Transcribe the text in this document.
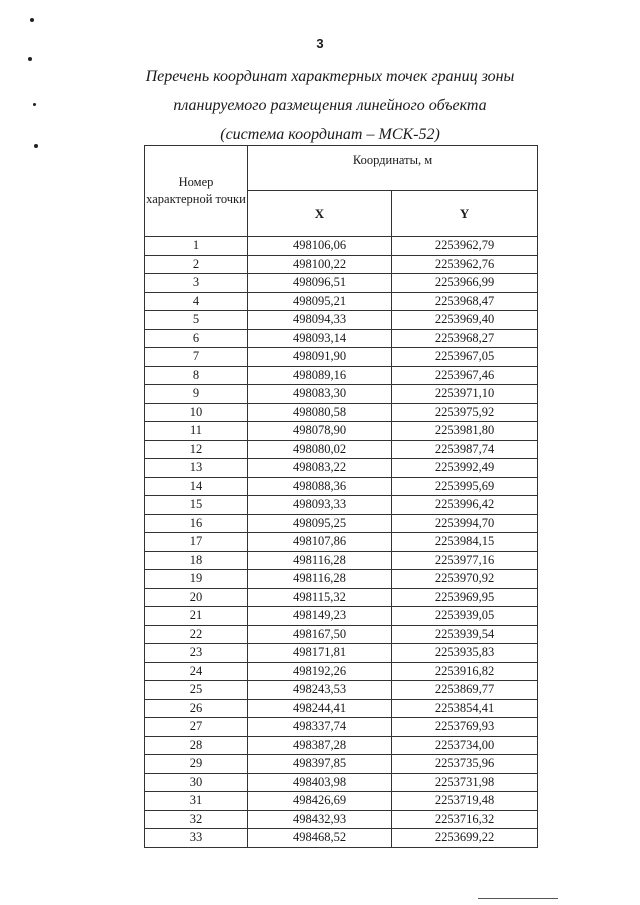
3
Перечень координат характерных точек границ зоны
планируемого размещения линейного объекта
(система координат – МСК-52)
Номер характерной точки	Координаты, м	
	X	Y
1	498106,06	2253962,79
2	498100,22	2253962,76
3	498096,51	2253966,99
4	498095,21	2253968,47
5	498094,33	2253969,40
6	498093,14	2253968,27
7	498091,90	2253967,05
8	498089,16	2253967,46
9	498083,30	2253971,10
10	498080,58	2253975,92
11	498078,90	2253981,80
12	498080,02	2253987,74
13	498083,22	2253992,49
14	498088,36	2253995,69
15	498093,33	2253996,42
16	498095,25	2253994,70
17	498107,86	2253984,15
18	498116,28	2253977,16
19	498116,28	2253970,92
20	498115,32	2253969,95
21	498149,23	2253939,05
22	498167,50	2253939,54
23	498171,81	2253935,83
24	498192,26	2253916,82
25	498243,53	2253869,77
26	498244,41	2253854,41
27	498337,74	2253769,93
28	498387,28	2253734,00
29	498397,85	2253735,96
30	498403,98	2253731,98
31	498426,69	2253719,48
32	498432,93	2253716,32
33	498468,52	2253699,22
